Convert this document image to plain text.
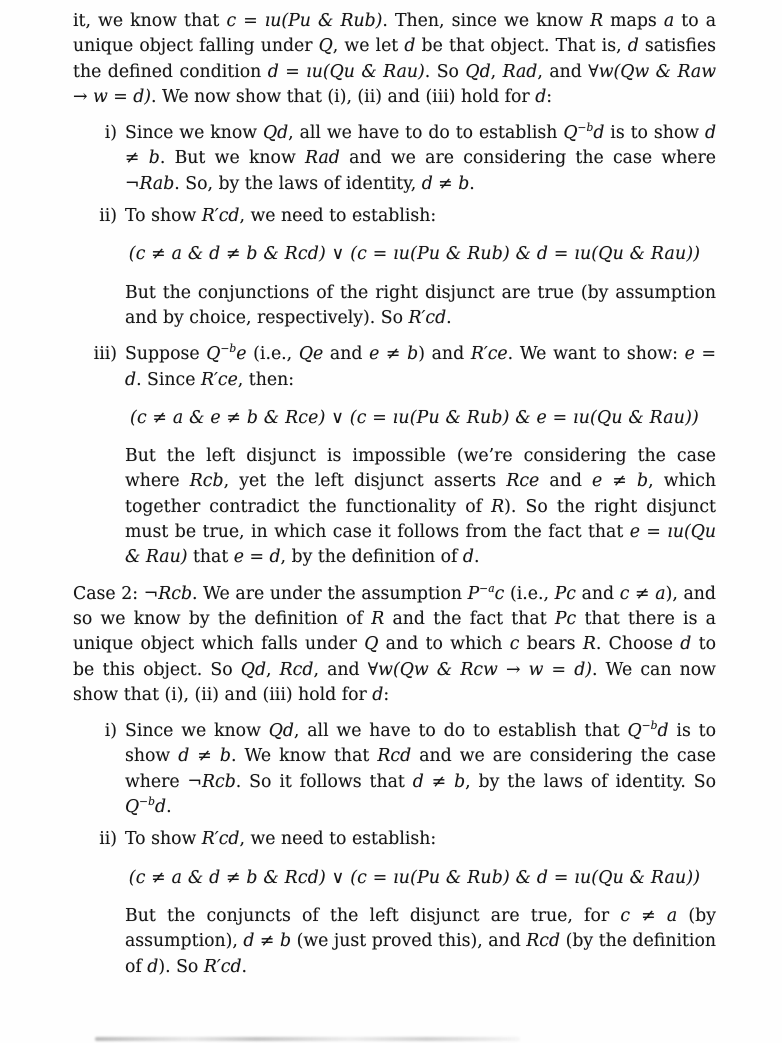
it, we know that c = ıu(Pu & Rub). Then, since we know R maps a to a unique object falling under Q, we let d be that object. That is, d satisfies the defined condition d = ıu(Qu & Rau). So Qd, Rad, and ∀w(Qw & Raw → w = d). We now show that (i), (ii) and (iii) hold for d:

i) Since we know Qd, all we have to do to establish $Q^{-b}d$ is to show d ≠ b. But we know Rad and we are considering the case where ¬Rab. So, by the laws of identity, d ≠ b.
ii) To show R′cd, we need to establish:
(c ≠ a & d ≠ b & Rcd) ∨ (c = ıu(Pu & Rub) & d = ıu(Qu & Rau))
But the conjunctions of the right disjunct are true (by assumption and by choice, respectively). So R′cd.
iii) Suppose $Q^{-b}e$ (i.e., Qe and e ≠ b) and R′ce. We want to show: e = d. Since R′ce, then:
(c ≠ a & e ≠ b & Rce) ∨ (c = ıu(Pu & Rub) & e = ıu(Qu & Rau))
But the left disjunct is impossible (we’re considering the case where Rcb, yet the left disjunct asserts Rce and e ≠ b, which together contradict the functionality of R). So the right disjunct must be true, in which case it follows from the fact that e = ıu(Qu & Rau) that e = d, by the definition of d.

Case 2: ¬Rcb. We are under the assumption $P^{-a}c$ (i.e., Pc and c ≠ a), and so we know by the definition of R and the fact that Pc that there is a unique object which falls under Q and to which c bears R. Choose d to be this object. So Qd, Rcd, and ∀w(Qw & Rcw → w = d). We can now show that (i), (ii) and (iii) hold for d:

i) Since we know Qd, all we have to do to establish that $Q^{-b}d$ is to show d ≠ b. We know that Rcd and we are considering the case where ¬Rcb. So it follows that d ≠ b, by the laws of identity. So $Q^{-b}d$.
ii) To show R′cd, we need to establish:
(c ≠ a & d ≠ b & Rcd) ∨ (c = ıu(Pu & Rub) & d = ıu(Qu & Rau))
But the conjuncts of the left disjunct are true, for c ≠ a (by assumption), d ≠ b (we just proved this), and Rcd (by the definition of d). So R′cd.
